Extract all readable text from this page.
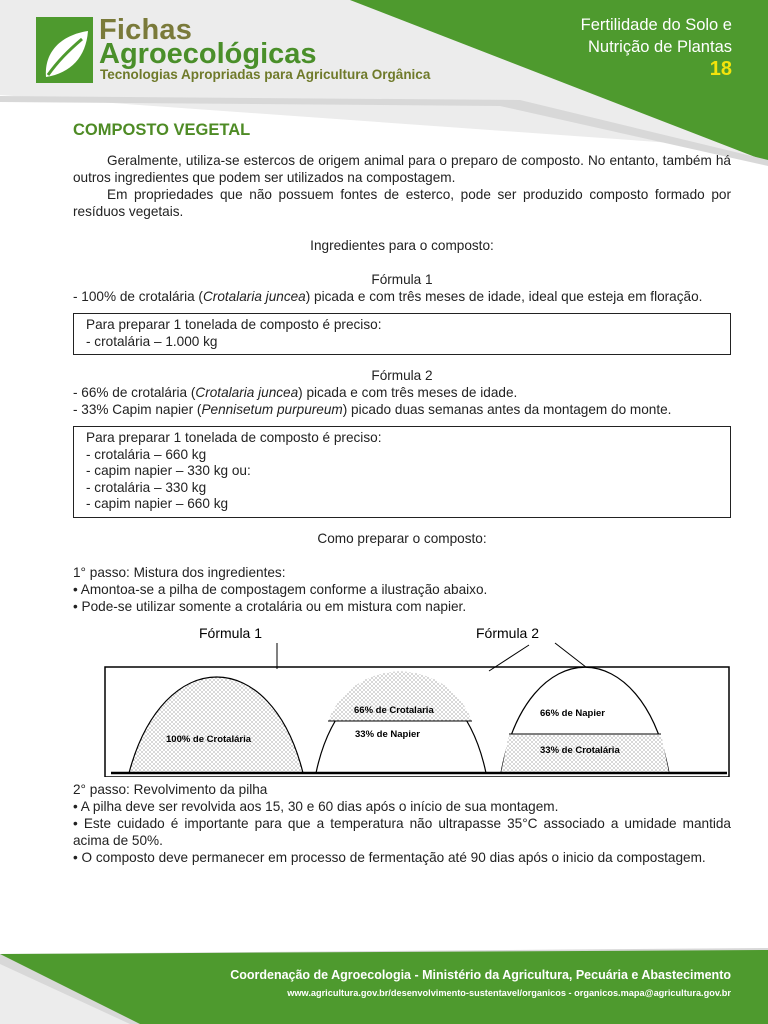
Fichas
Agroecológicas
Tecnologias Apropriadas para Agricultura Orgânica
Fertilidade do Solo e
Nutrição de Plantas
18
COMPOSTO VEGETAL

Geralmente, utiliza-se estercos de origem animal para o preparo de composto. No entanto, também há outros ingredientes que podem ser utilizados na compostagem.

Em propriedades que não possuem fontes de esterco, pode ser produzido composto formado por resíduos vegetais.

Ingredientes para o composto:

Fórmula 1

- 100% de crotalária (Crotalaria juncea) picada e com três meses de idade, ideal que esteja em floração.

Para preparar 1 tonelada de composto é preciso:
- crotalária – 1.000 kg

Fórmula 2

- 66% de crotalária (Crotalaria juncea) picada e com três meses de idade.

- 33% Capim napier (Pennisetum purpureum) picado duas semanas antes da montagem do monte.

Para preparar 1 tonelada de composto é preciso:
- crotalária – 660 kg
- capim napier – 330 kg ou:
- crotalária – 330 kg
- capim napier – 660 kg

Como preparar o composto:

1° passo: Mistura dos ingredientes:

• Amontoa-se a pilha de compostagem conforme a ilustração abaixo.

• Pode-se utilizar somente a crotalária ou em mistura com napier.

Fórmula 1	Fórmula 2
100% de Crotalária
66% de Crotalaria
33% de Napier
66% de Napier
33% de Crotalária

2° passo: Revolvimento da pilha

• A pilha deve ser revolvida aos 15, 30 e 60 dias após o início de sua montagem.

• Este cuidado é importante para que a temperatura não ultrapasse 35°C associado a umidade mantida acima de 50%.

• O composto deve permanecer em processo de fermentação até 90 dias após o inicio da compostagem.

Coordenação de Agroecologia - Ministério da Agricultura, Pecuária e Abastecimento
www.agricultura.gov.br/desenvolvimento-sustentavel/organicos - organicos.mapa@agricultura.gov.br
